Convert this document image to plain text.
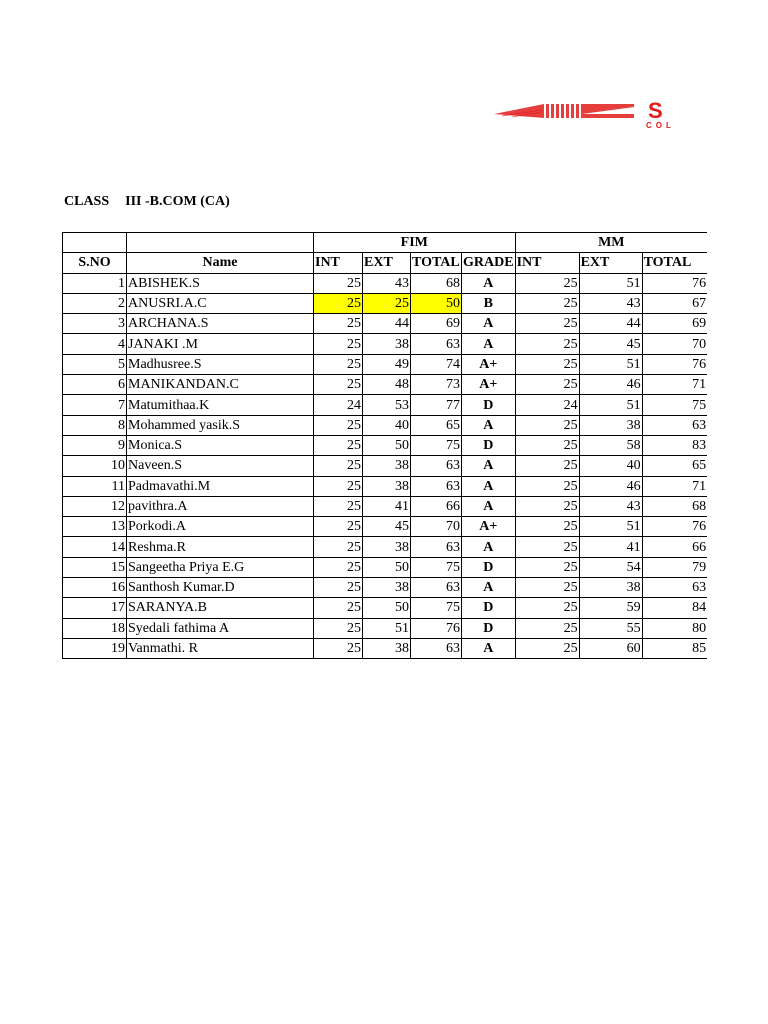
S
COL
CLASS III -B.COM (CA)
		FIM				MM		
S.NO	Name	INT	EXT	TOTAL	GRADE	INT	EXT	TOTAL
1	ABISHEK.S	25	43	68	A	25	51	76
2	ANUSRI.A.C	25	25	50	B	25	43	67
3	ARCHANA.S	25	44	69	A	25	44	69
4	JANAKI .M	25	38	63	A	25	45	70
5	Madhusree.S	25	49	74	A+	25	51	76
6	MANIKANDAN.C	25	48	73	A+	25	46	71
7	Matumithaa.K	24	53	77	D	24	51	75
8	Mohammed yasik.S	25	40	65	A	25	38	63
9	Monica.S	25	50	75	D	25	58	83
10	Naveen.S	25	38	63	A	25	40	65
11	Padmavathi.M	25	38	63	A	25	46	71
12	pavithra.A	25	41	66	A	25	43	68
13	Porkodi.A	25	45	70	A+	25	51	76
14	Reshma.R	25	38	63	A	25	41	66
15	Sangeetha Priya E.G	25	50	75	D	25	54	79
16	Santhosh Kumar.D	25	38	63	A	25	38	63
17	SARANYA.B	25	50	75	D	25	59	84
18	Syedali fathima A	25	51	76	D	25	55	80
19	Vanmathi. R	25	38	63	A	25	60	85
